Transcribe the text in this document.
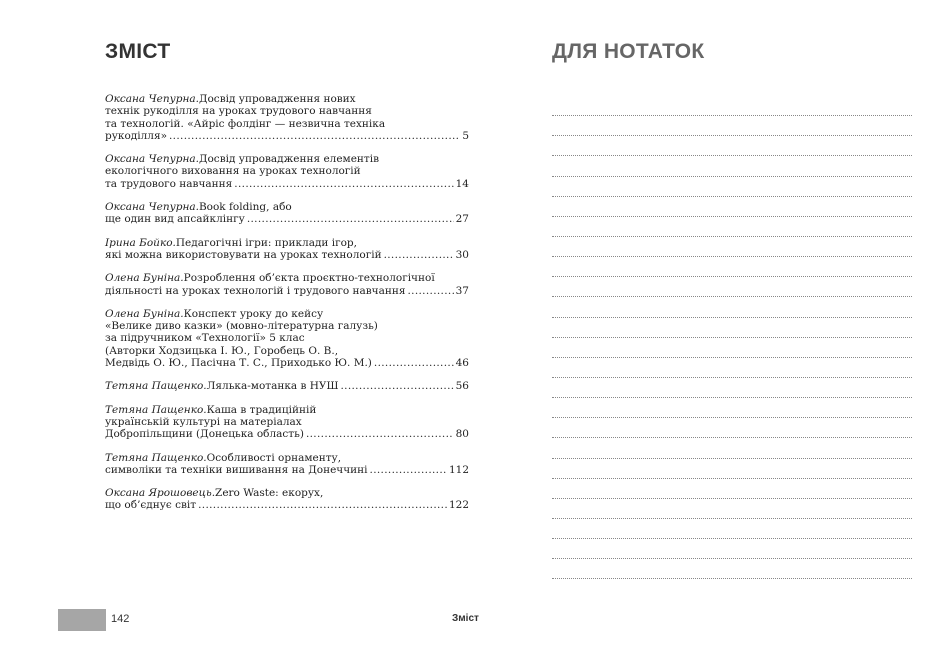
ЗМІСТ
Оксана Чепурна. Досвід упровадження нових
технік рукоділля на уроках трудового навчання
та технологій. «Айріс фолдінг — незвична техніка
рукоділля» . . .	5
Оксана Чепурна. Досвід упровадження елементів
екологічного виховання на уроках технологій
та трудового навчання . . .	14
Оксана Чепурна. Book folding, або
ще один вид апсайклінгу . . .	27
Ірина Бойко. Педагогічні ігри: приклади ігор,
які можна використовувати на уроках технологій . . .	30
Олена Буніна. Розроблення об’єкта проєктно-технологічної
діяльності на уроках технологій і трудового навчання . . .	37
Олена Буніна. Конспект уроку до кейсу
«Велике диво казки» (мовно-літературна галузь)
за підручником «Технології» 5 клас
(Авторки Ходзицька І. Ю., Горобець О. В.,
Медвідь О. Ю., Пасічна Т. С., Приходько Ю. М.) . . .	46
Тетяна Пащенко. Лялька-мотанка в НУШ . . .	56
Тетяна Пащенко. Каша в традиційній
українській культурі на матеріалах
Добропільщини (Донецька область) . . .	80
Тетяна Пащенко. Особливості орнаменту,
символіки та техніки вишивання на Донеччині . . .	112
Оксана Ярошовець. Zero Waste: екорух,
що об’єднує світ . . .	122
142	Зміст
ДЛЯ НОТАТОК
